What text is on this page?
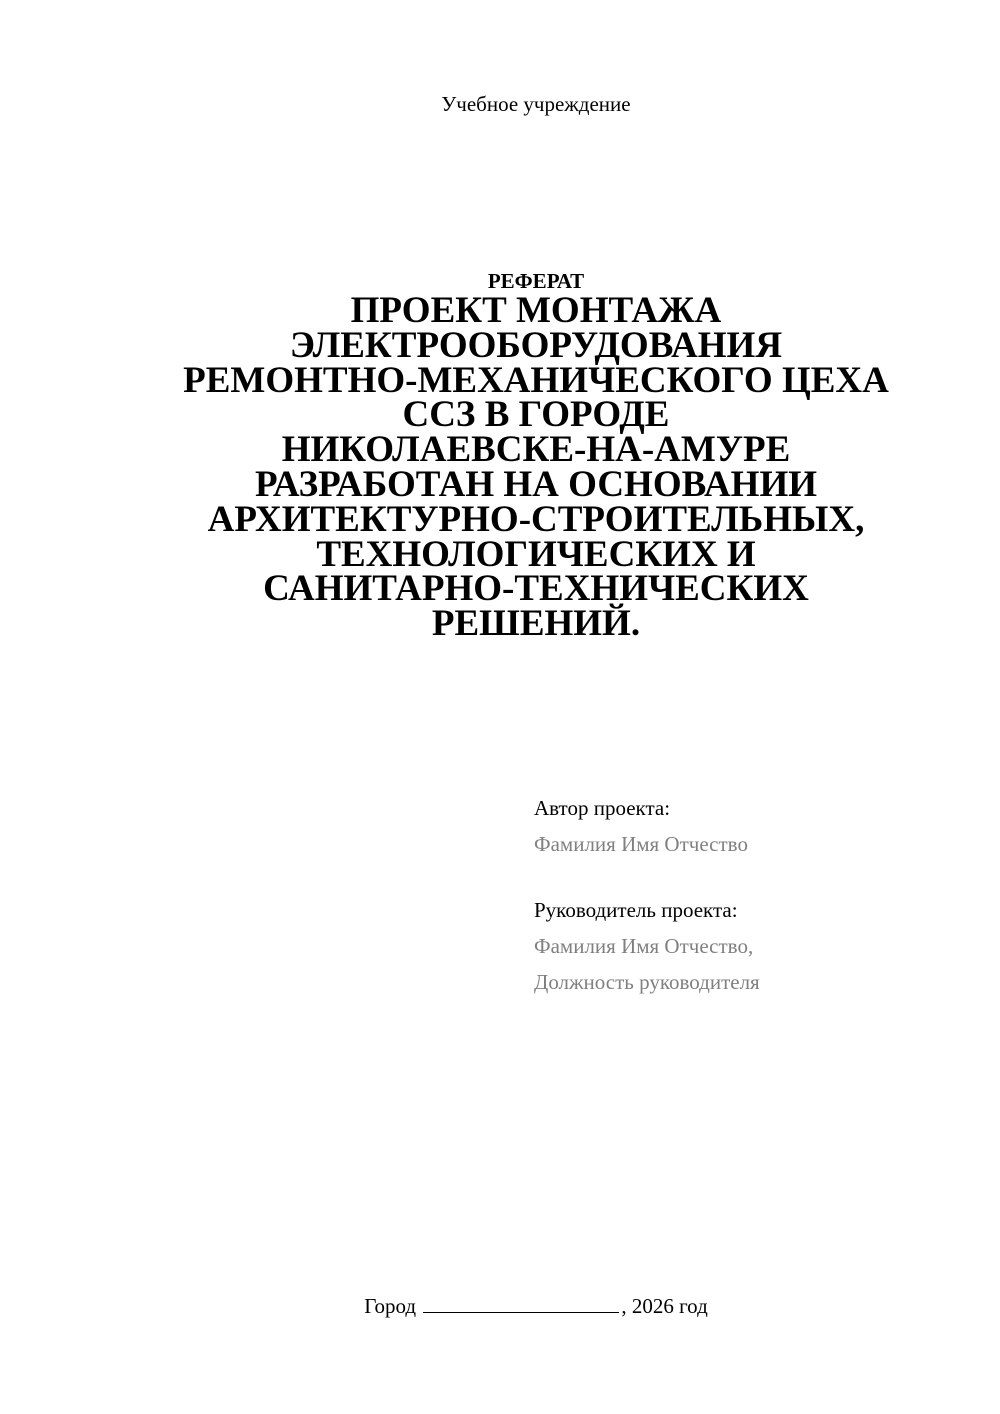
Учебное учреждение
РЕФЕРАТ
ПРОЕКТ МОНТАЖА
ЭЛЕКТРООБОРУДОВАНИЯ
РЕМОНТНО-МЕХАНИЧЕСКОГО ЦЕХА
ССЗ В ГОРОДЕ
НИКОЛАЕВСКЕ-НА-АМУРЕ
РАЗРАБОТАН НА ОСНОВАНИИ
АРХИТЕКТУРНО-СТРОИТЕЛЬНЫХ,
ТЕХНОЛОГИЧЕСКИХ И
САНИТАРНО-ТЕХНИЧЕСКИХ
РЕШЕНИЙ.
Автор проекта:
Фамилия Имя Отчество
Руководитель проекта:
Фамилия Имя Отчество,
Должность руководителя
Город	, 2026 год
